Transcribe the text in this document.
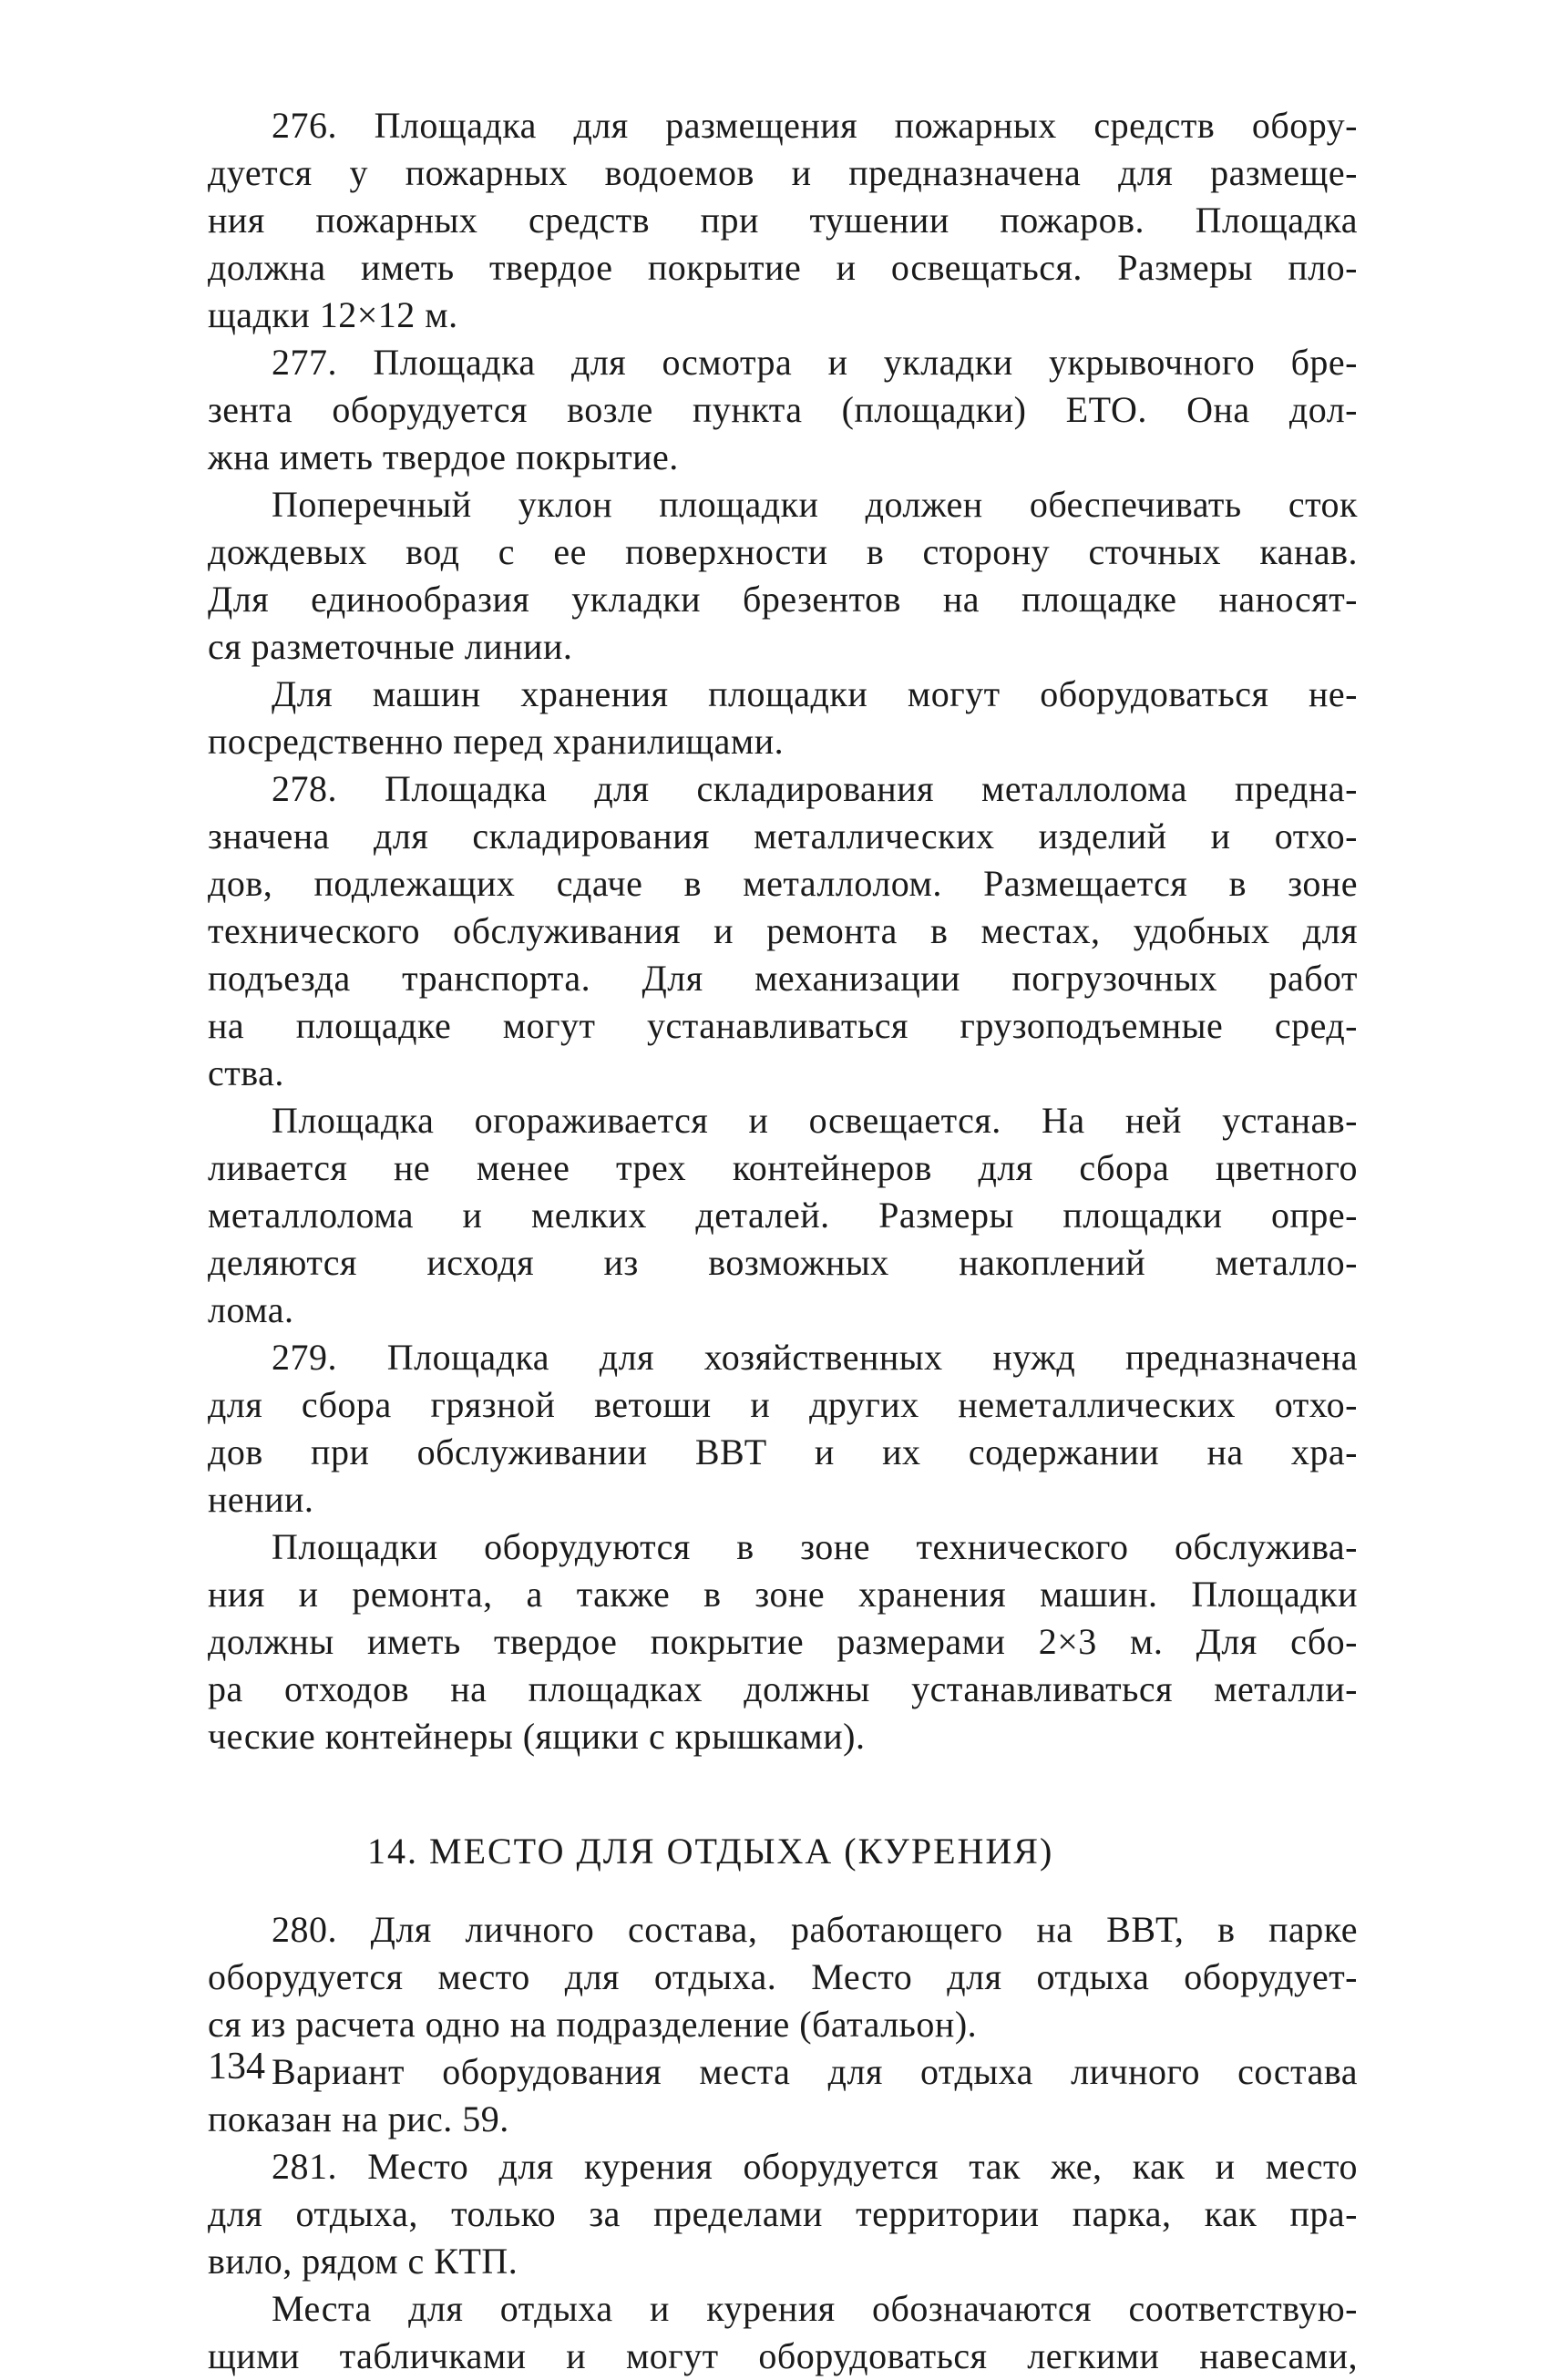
276. Площадка для размещения пожарных средств обору-
дуется у пожарных водоемов и предназначена для размеще-
ния пожарных средств при тушении пожаров. Площадка
должна иметь твердое покрытие и освещаться. Размеры пло-
щадки 12×12 м.
277. Площадка для осмотра и укладки укрывочного бре-
зента оборудуется возле пункта (площадки) ЕТО. Она дол-
жна иметь твердое покрытие.
Поперечный уклон площадки должен обеспечивать сток
дождевых вод с ее поверхности в сторону сточных канав.
Для единообразия укладки брезентов на площадке наносят-
ся разметочные линии.
Для машин хранения площадки могут оборудоваться не-
посредственно перед хранилищами.
278. Площадка для складирования металлолома предна-
значена для складирования металлических изделий и отхо-
дов, подлежащих сдаче в металлолом. Размещается в зоне
технического обслуживания и ремонта в местах, удобных для
подъезда транспорта. Для механизации погрузочных работ
на площадке могут устанавливаться грузоподъемные сред-
ства.
Площадка огораживается и освещается. На ней устанав-
ливается не менее трех контейнеров для сбора цветного
металлолома и мелких деталей. Размеры площадки опре-
деляются исходя из возможных накоплений металло-
лома.
279. Площадка для хозяйственных нужд предназначена
для сбора грязной ветоши и других неметаллических отхо-
дов при обслуживании ВВТ и их содержании на хра-
нении.
Площадки оборудуются в зоне технического обслужива-
ния и ремонта, а также в зоне хранения машин. Площадки
должны иметь твердое покрытие размерами 2×3 м. Для сбо-
ра отходов на площадках должны устанавливаться металли-
ческие контейнеры (ящики с крышками).
14. МЕСТО ДЛЯ ОТДЫХА (КУРЕНИЯ)
280. Для личного состава, работающего на ВВТ, в парке
оборудуется место для отдыха. Место для отдыха оборудует-
ся из расчета одно на подразделение (батальон).
Вариант оборудования места для отдыха личного состава
показан на рис. 59.
281. Место для курения оборудуется так же, как и место
для отдыха, только за пределами территории парка, как пра-
вило, рядом с КТП.
Места для отдыха и курения обозначаются соответствую-
щими табличками и могут оборудоваться легкими навесами,
134
